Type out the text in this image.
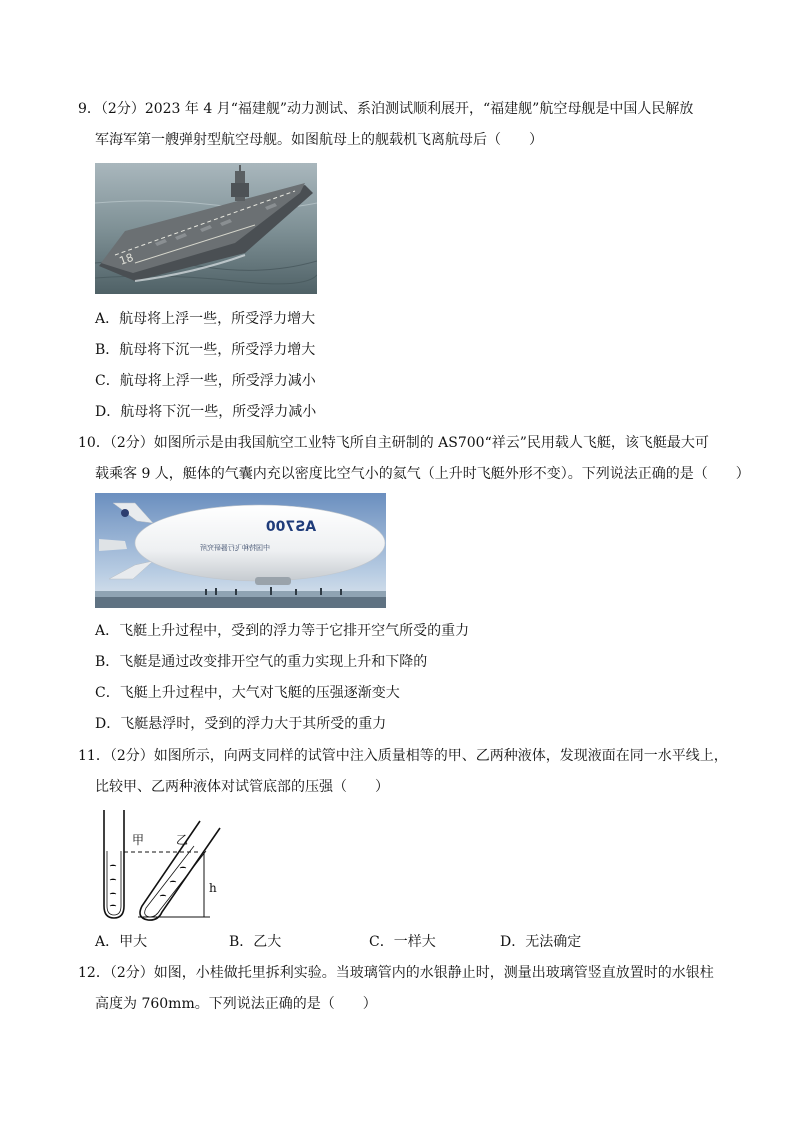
9．（2分）2023 年 4 月“福建舰”动力测试、系泊测试顺利展开，“福建舰”航空母舰是中国人民解放
军海军第一艘弹射型航空母舰。如图航母上的舰载机飞离航母后（　　）
18
A．航母将上浮一些，所受浮力增大
B．航母将下沉一些，所受浮力增大
C．航母将上浮一些，所受浮力减小
D．航母将下沉一些，所受浮力减小
10．（2分）如图所示是由我国航空工业特飞所自主研制的 AS700“祥云”民用载人飞艇，该飞艇最大可
载乘客 9 人，艇体的气囊内充以密度比空气小的氦气（上升时飞艇外形不变）。下列说法正确的是（　　）
AS700
中国特种飞行器研究所
A．飞艇上升过程中，受到的浮力等于它排开空气所受的重力
B．飞艇是通过改变排开空气的重力实现上升和下降的
C．飞艇上升过程中，大气对飞艇的压强逐渐变大
D．飞艇悬浮时，受到的浮力大于其所受的重力
11．（2分）如图所示，向两支同样的试管中注入质量相等的甲、乙两种液体，发现液面在同一水平线上，
比较甲、乙两种液体对试管底部的压强（　　）
甲	乙
h
A．甲大	B．乙大	C．一样大	D．无法确定
12．（2分）如图，小桂做托里拆利实验。当玻璃管内的水银静止时，测量出玻璃管竖直放置时的水银柱
高度为 760mm。下列说法正确的是（　　）
